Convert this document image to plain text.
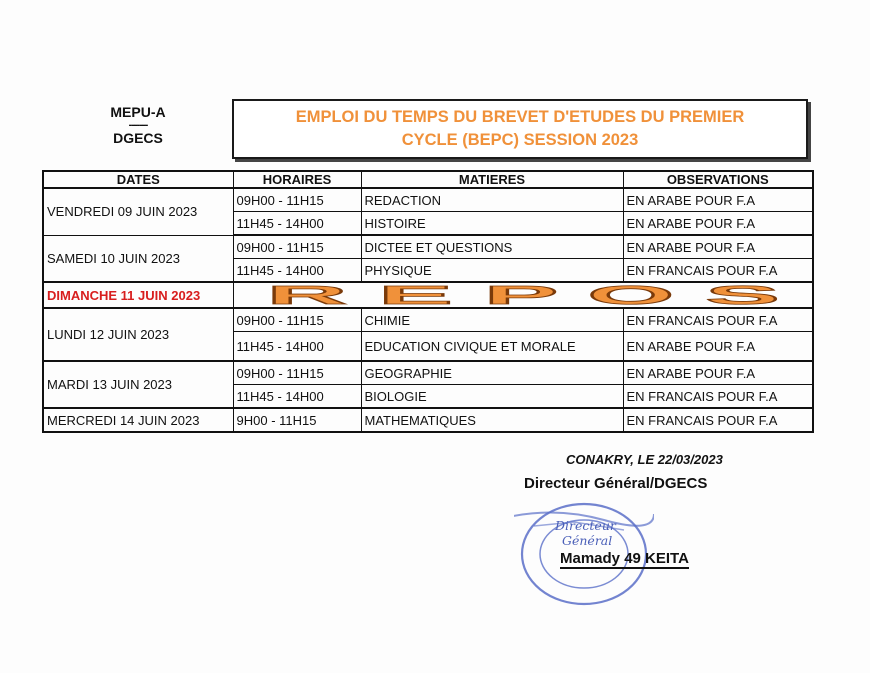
MEPU-A
-------
DGECS
EMPLOI DU TEMPS DU BREVET D'ETUDES DU PREMIER
CYCLE (BEPC) SESSION 2023
DATES	HORAIRES	MATIERES	OBSERVATIONS
VENDREDI 09 JUIN 2023	09H00 - 11H15	REDACTION	EN ARABE POUR F.A
	11H45 - 14H00	HISTOIRE	EN ARABE POUR F.A
SAMEDI 10 JUIN 2023	09H00 - 11H15	DICTEE ET QUESTIONS	EN ARABE POUR F.A
	11H45 - 14H00	PHYSIQUE	EN FRANCAIS POUR F.A
DIMANCHE 11 JUIN 2023	R E P O S		

LUNDI 12 JUIN 2023	09H00 - 11H15	CHIMIE	EN FRANCAIS POUR F.A
	11H45 - 14H00	EDUCATION CIVIQUE ET MORALE	EN ARABE POUR F.A
MARDI 13 JUIN 2023	09H00 - 11H15	GEOGRAPHIE	EN ARABE POUR F.A
	11H45 - 14H00	BIOLOGIE	EN FRANCAIS POUR F.A
MERCREDI 14 JUIN 2023	9H00 - 11H15	MATHEMATIQUES	EN FRANCAIS POUR F.A
CONAKRY, LE 22/03/2023
Directeur Général/DGECS
Directeur
Général
Mamady 49 KEITA
